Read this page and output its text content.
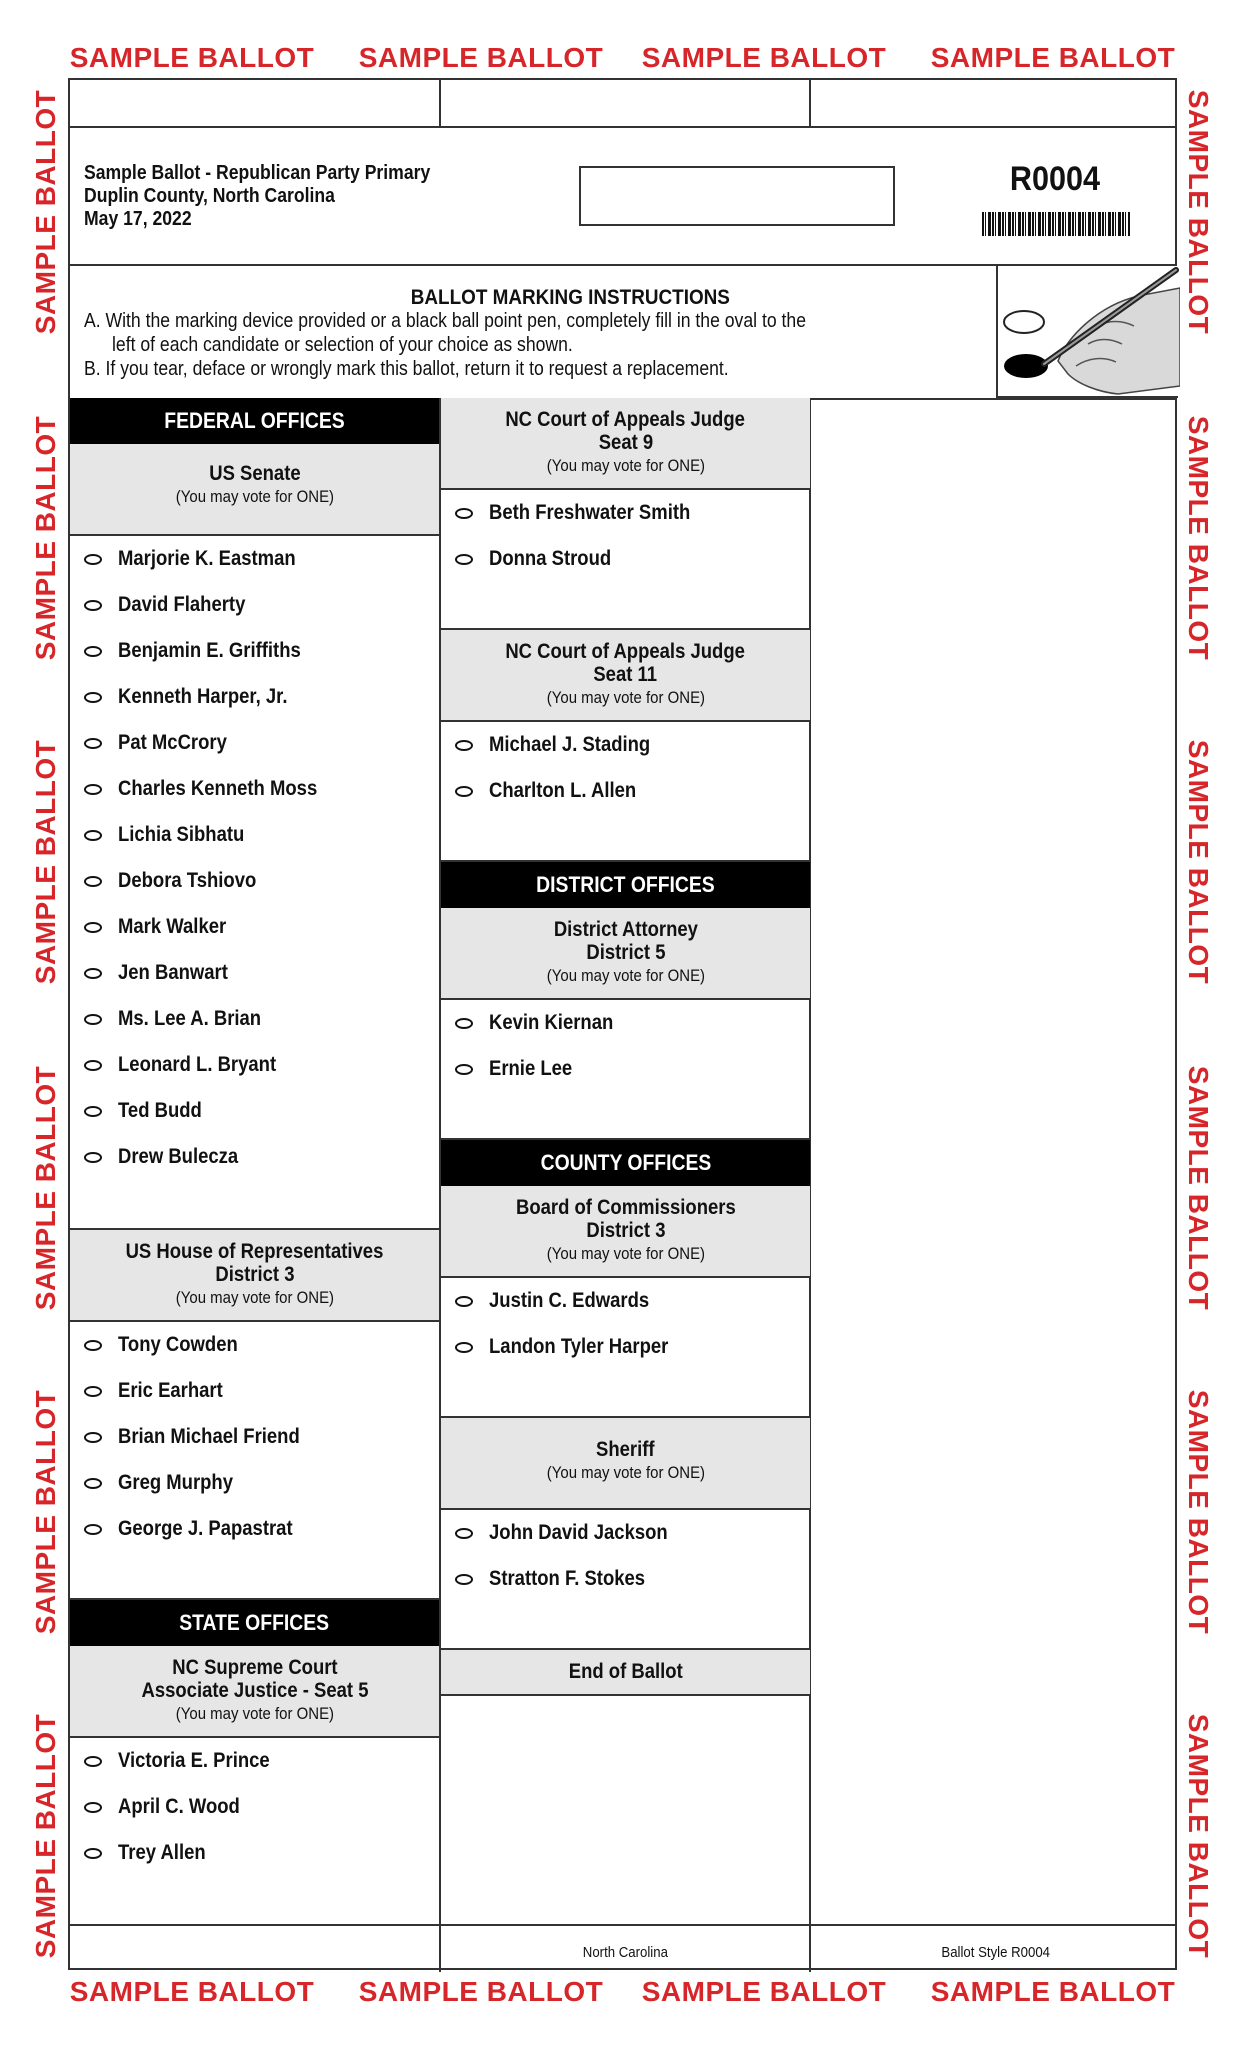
SAMPLE BALLOT SAMPLE BALLOT SAMPLE BALLOT SAMPLE BALLOT
SAMPLE BALLOT SAMPLE BALLOT SAMPLE BALLOT SAMPLE BALLOT
SAMPLE BALLOT
SAMPLE BALLOT
SAMPLE BALLOT
SAMPLE BALLOT
SAMPLE BALLOT
SAMPLE BALLOT
SAMPLE BALLOT
SAMPLE BALLOT
SAMPLE BALLOT
SAMPLE BALLOT
SAMPLE BALLOT
SAMPLE BALLOT
Sample Ballot - Republican Party Primary
Duplin County, North Carolina
May 17, 2022
R0004
BALLOT MARKING INSTRUCTIONS
A. With the marking device provided or a black ball point pen, completely fill in the oval to the
left of each candidate or selection of your choice as shown.
B. If you tear, deface or wrongly mark this ballot, return it to request a replacement.
FEDERAL OFFICES
US Senate
(You may vote for ONE)
Marjorie K. Eastman
David Flaherty
Benjamin E. Griffiths
Kenneth Harper, Jr.
Pat McCrory
Charles Kenneth Moss
Lichia Sibhatu
Debora Tshiovo
Mark Walker
Jen Banwart
Ms. Lee A. Brian
Leonard L. Bryant
Ted Budd
Drew Bulecza
US House of Representatives
District 3
(You may vote for ONE)
Tony Cowden
Eric Earhart
Brian Michael Friend
Greg Murphy
George J. Papastrat
STATE OFFICES
NC Supreme Court
Associate Justice - Seat 5
(You may vote for ONE)
Victoria E. Prince
April C. Wood
Trey Allen
NC Court of Appeals Judge
Seat 9
(You may vote for ONE)
Beth Freshwater Smith
Donna Stroud
NC Court of Appeals Judge
Seat 11
(You may vote for ONE)
Michael J. Stading
Charlton L. Allen
DISTRICT OFFICES
District Attorney
District 5
(You may vote for ONE)
Kevin Kiernan
Ernie Lee
COUNTY OFFICES
Board of Commissioners
District 3
(You may vote for ONE)
Justin C. Edwards
Landon Tyler Harper
Sheriff
(You may vote for ONE)
John David Jackson
Stratton F. Stokes
End of Ballot
North Carolina	Ballot Style R0004
